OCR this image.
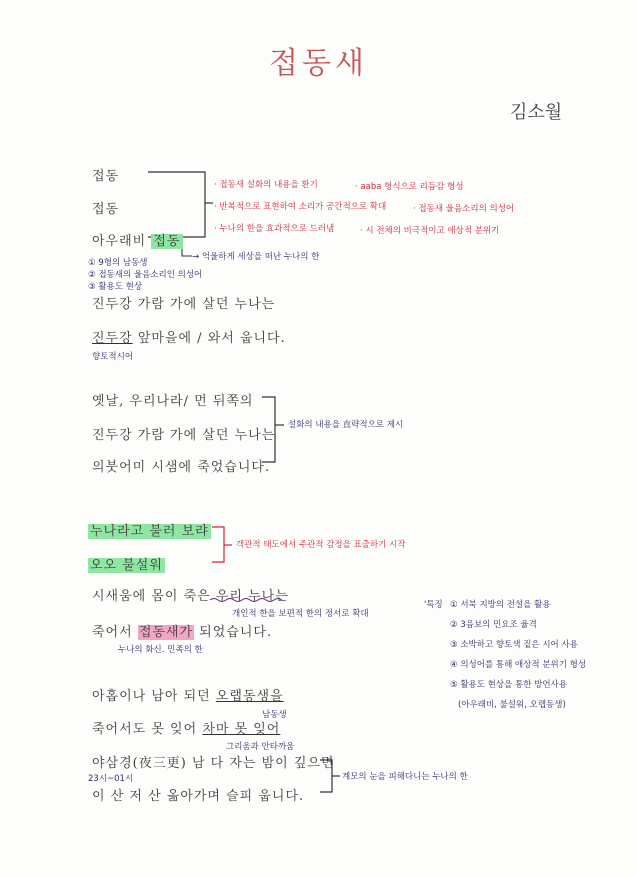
접동새
김소월
접동
접동
아우래비 접동
· 접동새 설화의 내용을 환기	· aaba 형식으로 리듬감 형성
· 반복적으로 표현하여 소리가 공간적으로 확대	· 접동새 울음소리의 의성어
· 누나의 한을 효과적으로 드러냄	· 시 전체의 비극적이고 애상적 분위기
→ 억울하게 세상을 떠난 누나의 한
① 9형의 남동생
② 접동새의 울음소리인 의성어
③ 활용도 현상
진두강 가람 가에 살던 누나는
진두강 앞마을에 / 와서 웁니다.
향토적시어
옛날, 우리나라/ 먼 뒤쪽의
진두강 가람 가에 살던 누나는
의붓어미 시샘에 죽었습니다.
설화의 내용을 直략적으로 제시
누나라고 불러 보랴
오오 불설워
객관적 태도에서 주관적 감정을 표출하기 시작
시새움에 몸이 죽은 우리 누나는
개인적 한을 보편적 한의 정서로 확대
죽어서 접동새가 되었습니다.
누나의 화신. 민족의 한
아홉이나 남아 되던 오랩동생을
남동생
죽어서도 못 잊어 차마 못 잊어
그리움과 안타까움
야삼경(夜三更) 남 다 자는 밤이 깊으면
23시~01시
이 산 저 산 옮아가며 슬피 웁니다.
계모의 눈을 피해다니는 누나의 한
'특징 ① 서북 지방의 전설을 활용
② 3음보의 민요조 율격
③ 소박하고 향토색 짙은 시어 사용
④ 의성어를 통해 애상적 분위기 형성
⑤ 활용도 현상을 통한 방언사용
(아우래비, 불설워, 오랩동생)
